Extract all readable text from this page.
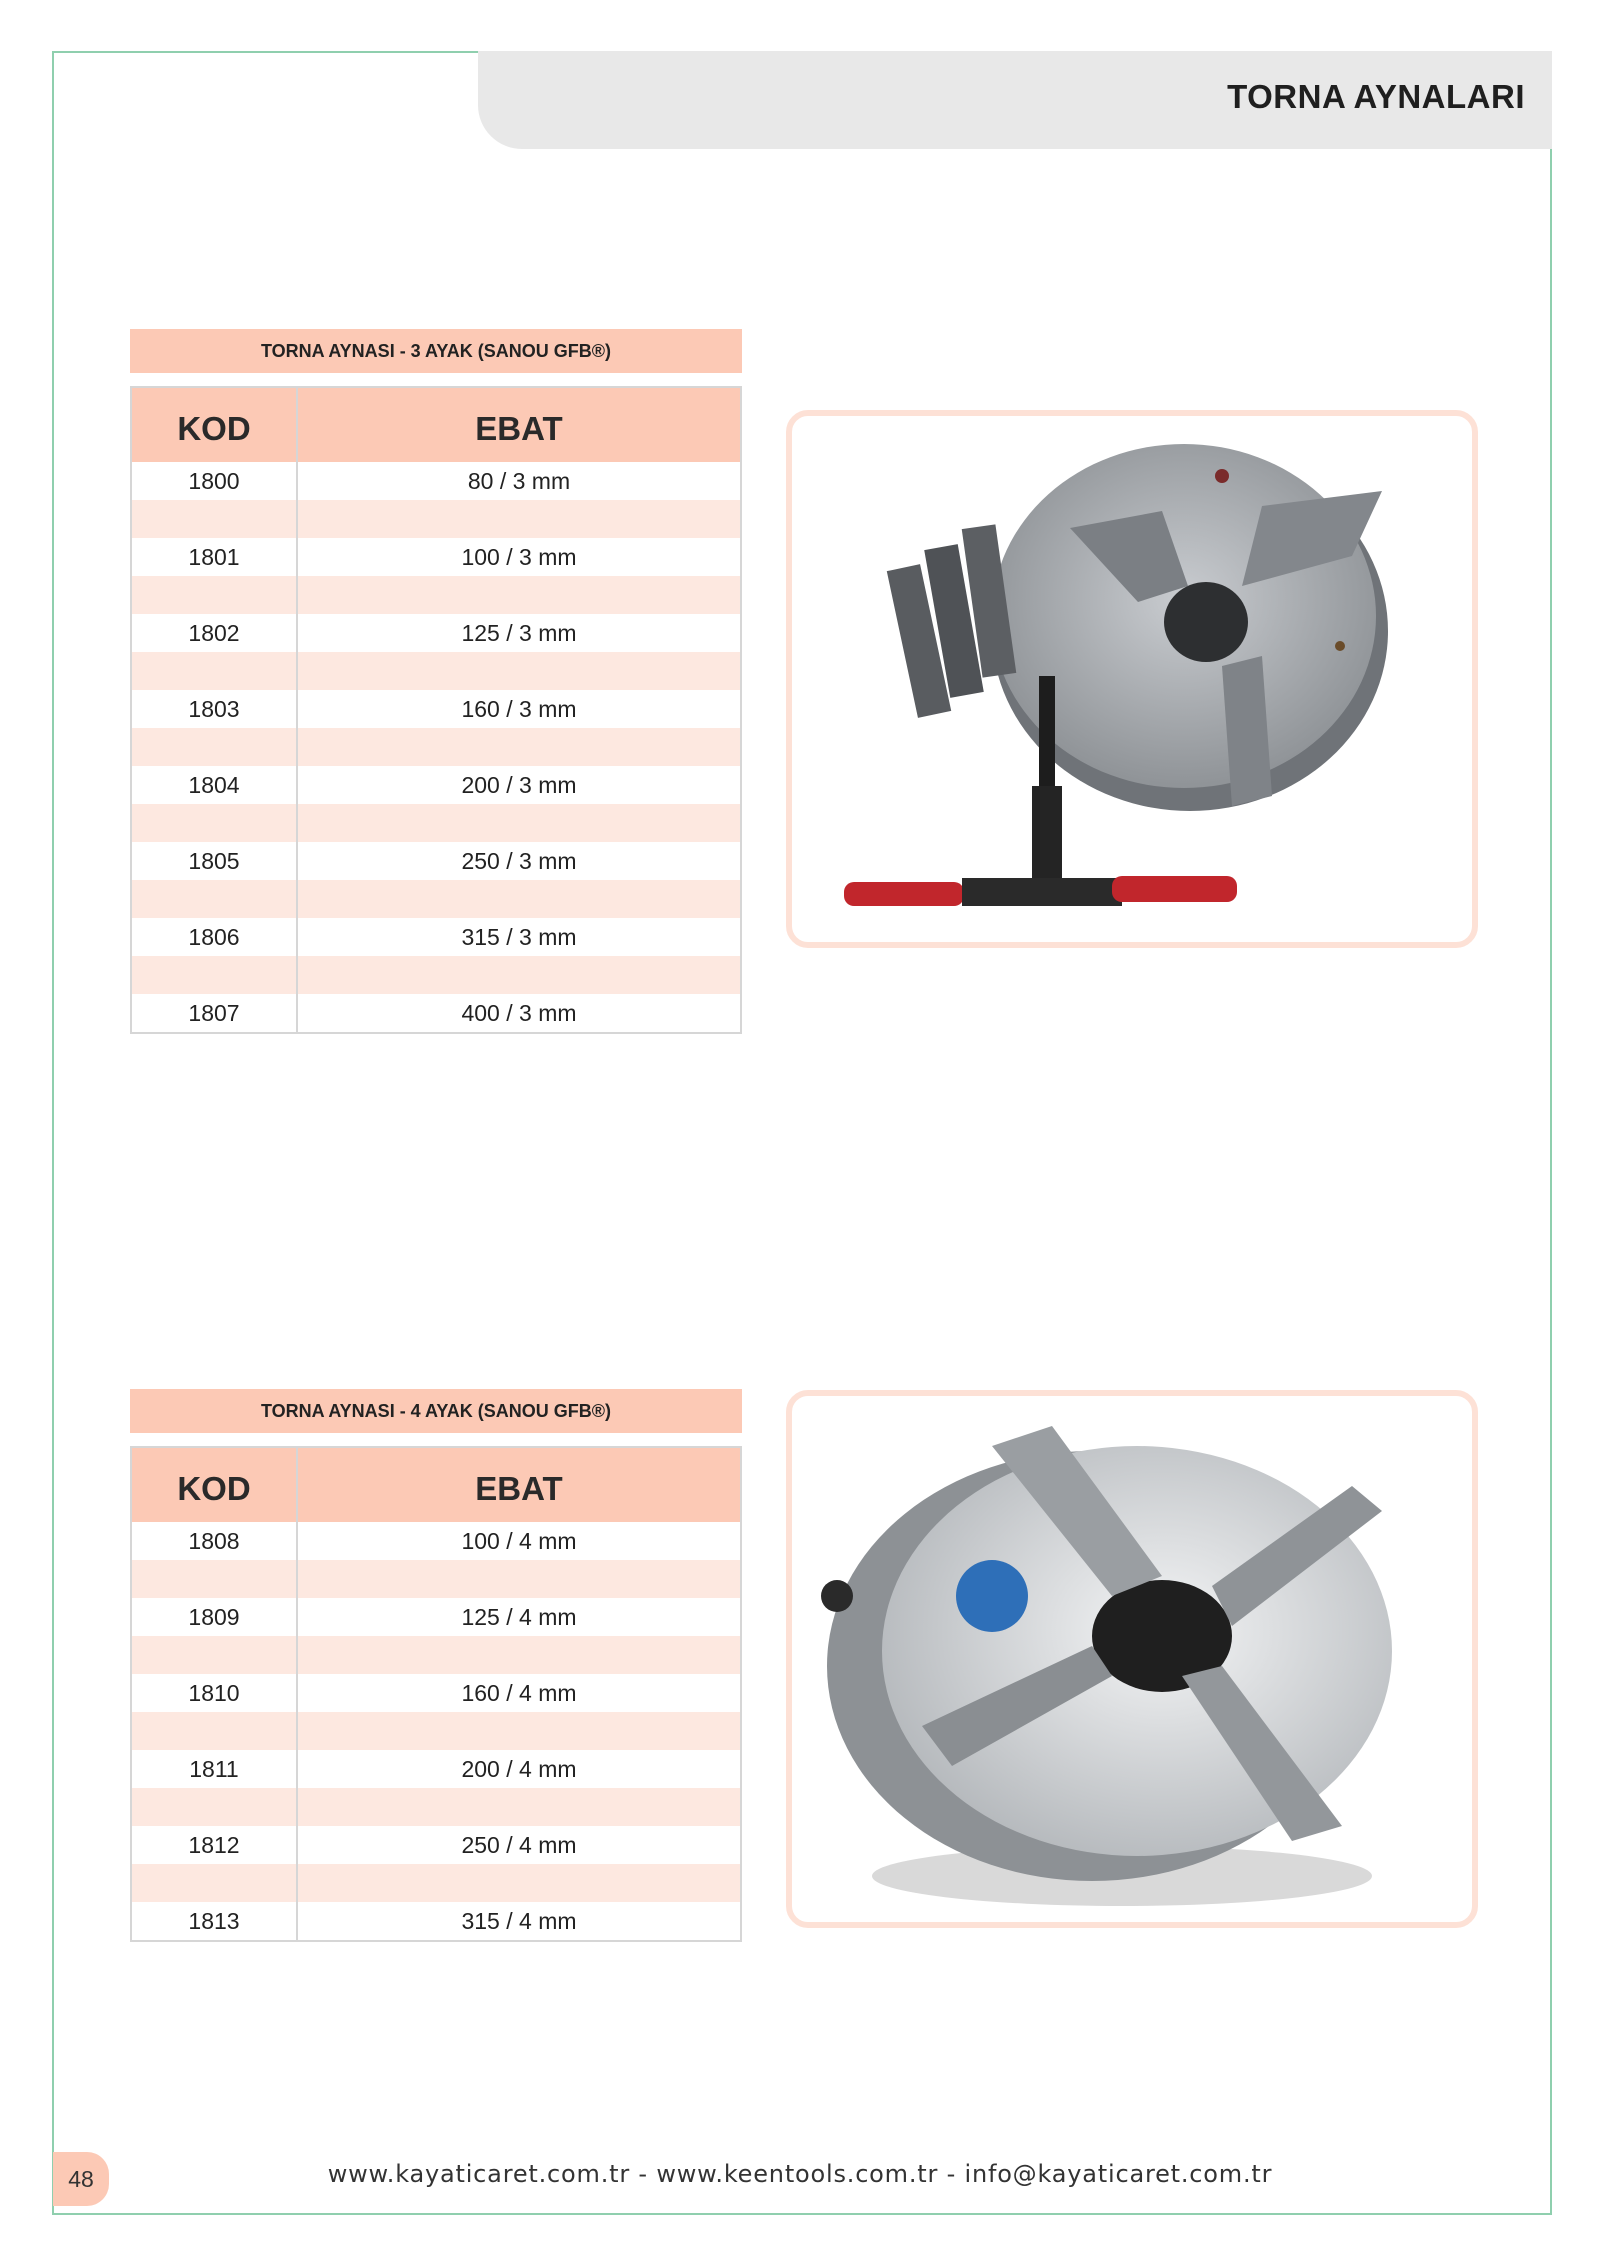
TORNA AYNALARI
TORNA AYNASI - 3 AYAK (SANOU GFB®)
KOD	EBAT
1800	80 / 3 mm
1801	100 / 3 mm
1802	125 / 3 mm
1803	160 / 3 mm
1804	200 / 3 mm
1805	250 / 3 mm
1806	315 / 3 mm
1807	400 / 3 mm
TORNA AYNASI - 4 AYAK (SANOU GFB®)
KOD	EBAT
1808	100 / 4 mm
1809	125 / 4 mm
1810	160 / 4 mm
1811	200 / 4 mm
1812	250 / 4 mm
1813	315 / 4 mm
48	www.kayaticaret.com.tr - www.keentools.com.tr - info@kayaticaret.com.tr
